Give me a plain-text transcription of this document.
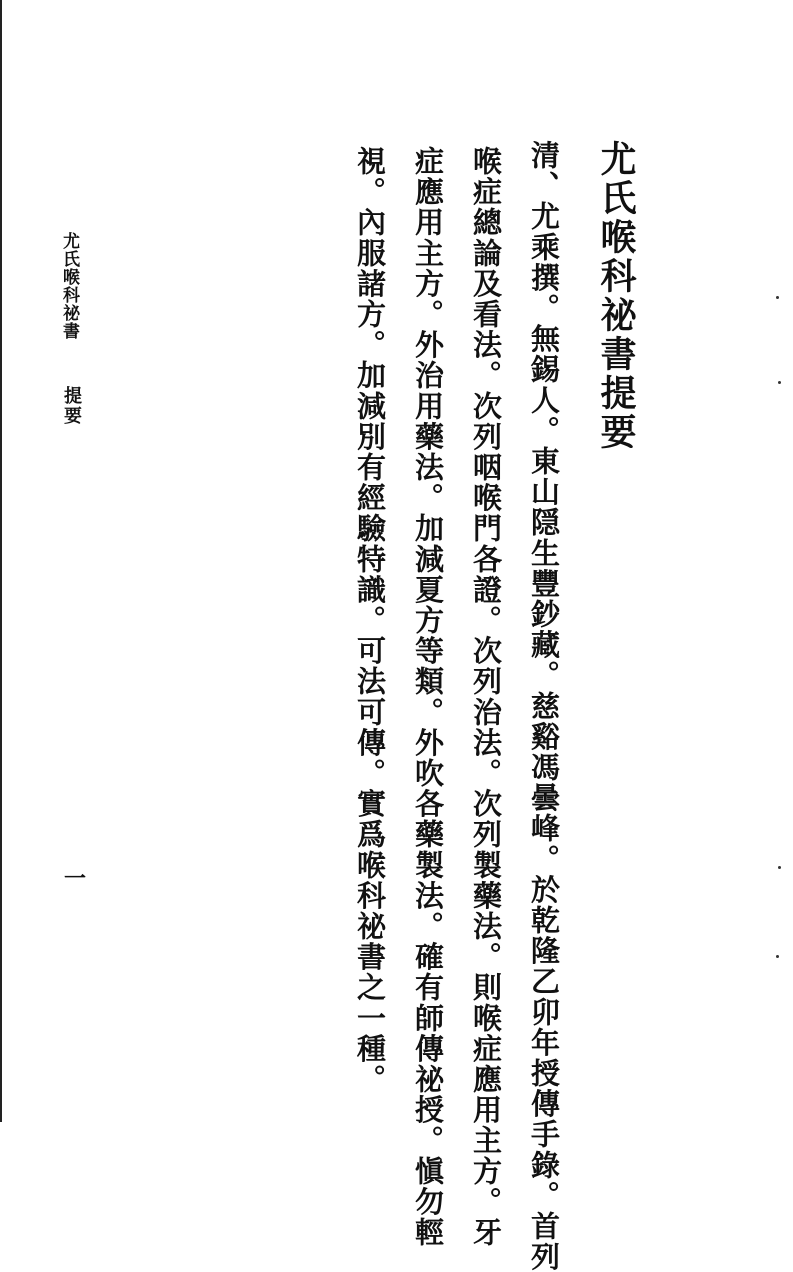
尤氏喉科祕書提要
清、尤乘撰。無錫人。東山隠生豐鈔藏。慈谿馮曇峰。於乾隆乙卯年授傳手錄。首列
喉症總論及看法。次列咽喉門各證。次列治法。次列製藥法。則喉症應用主方。牙
症應用主方。外治用藥法。加減夏方等類。外吹各藥製法。確有師傳祕授。愼勿輕
視。內服諸方。加減別有經驗特識。可法可傳。實爲喉科祕書之一種。
尤氏喉科祕書
提要
一
